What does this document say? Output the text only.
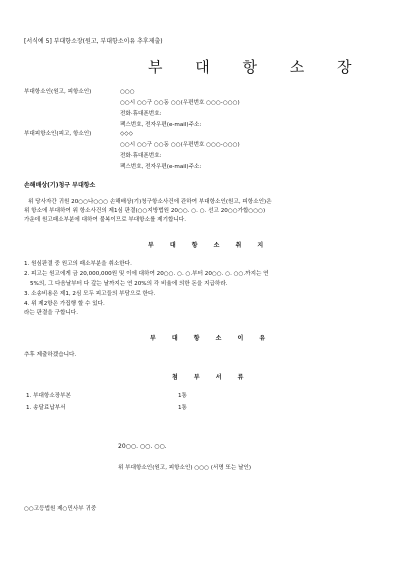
[서식예 5] 부대항소장(원고, 부대항소이유 추후제출)
부 대 항 소 장
부대항소인(원고, 피항소인)	○○○
○○시 ○○구 ○○동 ○○(우편번호 ○○○-○○○)
전화·휴대폰번호:
팩스번호, 전자우편(e-mail)주소:
부대피항소인(피고, 항소인)	◇◇◇
○○시 ○○구 ○○동 ○○(우편번호 ○○○-○○○)
전화·휴대폰번호:
팩스번호, 전자우편(e-mail)주소:
손해배상(기)청구 부대항소
위 당사자간 귀원 20○○나○○○ 손해배상(기)청구항소사건에 관하여 부대항소인(원고, 피항소인)은
위 항소에 부대하여 위 항소사건의 제1심 판결(○○지방법원 20○○. ○. ○. 선고 20○○가합○○○)
가운데 원고패소부분에 대하여 불복이므로 부대항소를 제기합니다.
부 대 항 소 취 지
1. 원심판결 중 원고의 패소부분을 취소한다.
2. 피고는 원고에게 금 20,000,000원 및 이에 대하여 20○○. ○. ○.부터 20○○. ○. ○○.까지는 연
5%의, 그 다음날부터 다 갚는 날까지는 연 20%의 각 비율에 의한 돈을 지급하라.
3. 소송비용은 제1, 2심 모두 피고들의 부담으로 한다.
4. 위 제2항은 가집행 할 수 있다.
라는 판결을 구합니다.
부 대 항 소 이 유
추후 제출하겠습니다.
첨 부 서 류
1. 부대항소장부본	1통
1. 송달료납부서	1통
20○○. ○○. ○○.
위 부대항소인(원고, 피항소인) ○○○ (서명 또는 날인)
○○고등법원 제○민사부 귀중
